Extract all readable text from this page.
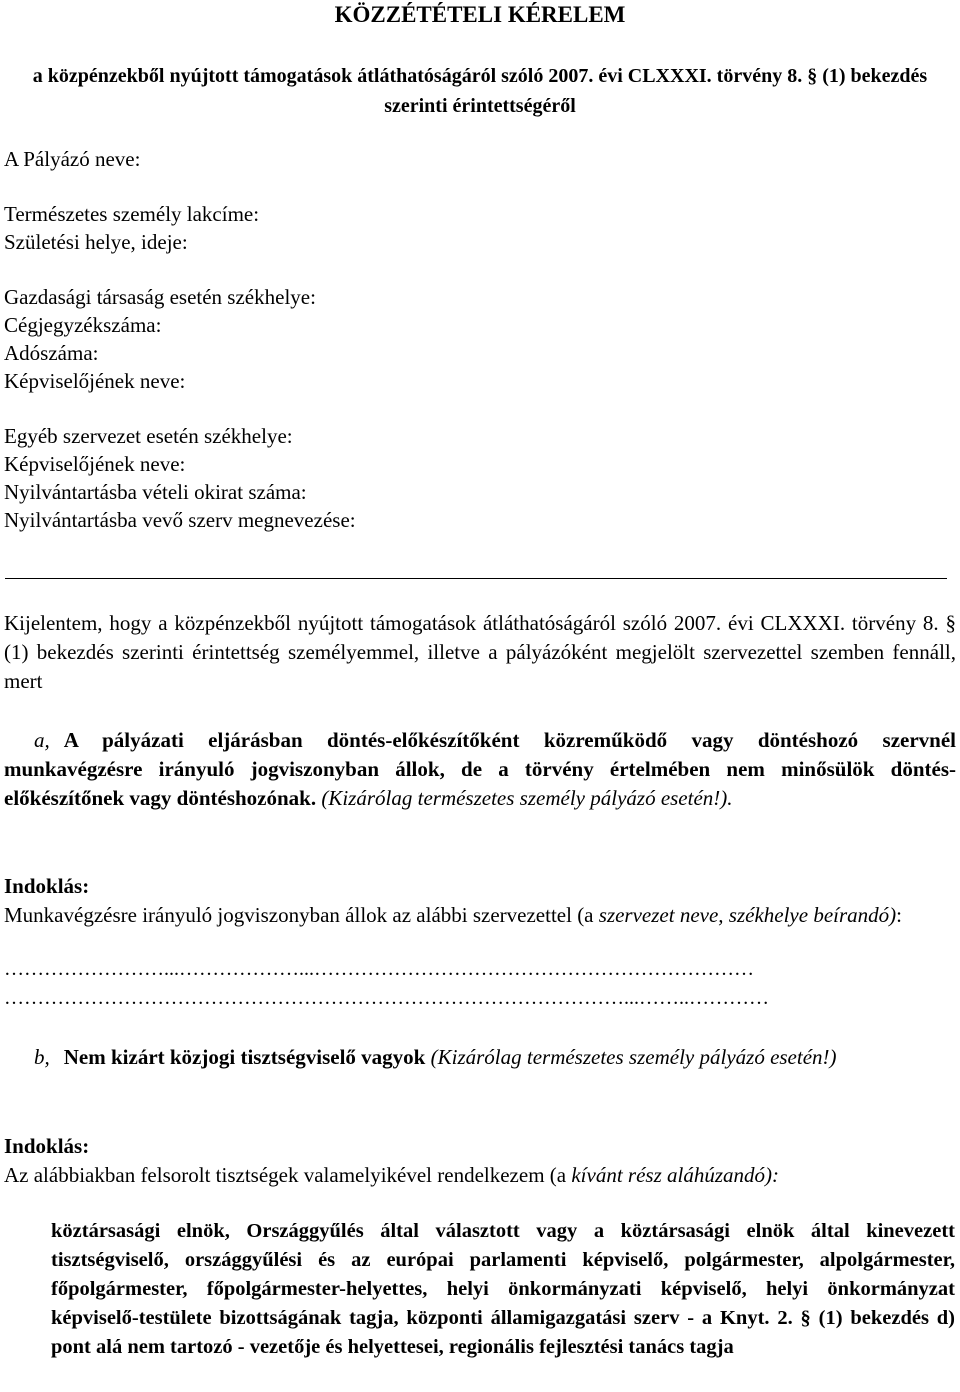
KÖZZÉTÉTELI KÉRELEM
a közpénzekből nyújtott támogatások átláthatóságáról szóló 2007. évi CLXXXI. törvény 8. § (1) bekezdés szerinti érintettségéről
A Pályázó neve:
Természetes személy lakcíme:
Születési helye, ideje:
Gazdasági társaság esetén székhelye:
Cégjegyzékszáma:
Adószáma:
Képviselőjének neve:
Egyéb szervezet esetén székhelye:
Képviselőjének neve:
Nyilvántartásba vételi okirat száma:
Nyilvántartásba vevő szerv megnevezése:
Kijelentem, hogy a közpénzekből nyújtott támogatások átláthatóságáról szóló 2007. évi CLXXXI. törvény 8. § (1) bekezdés szerinti érintettség személyemmel, illetve a pályázóként megjelölt szervezettel szemben fennáll, mert
a, A pályázati eljárásban döntés-előkészítőként közreműködő vagy döntéshozó szervnél munkavégzésre irányuló jogviszonyban állok, de a törvény értelmében nem minősülök döntés-előkészítőnek vagy döntéshozónak. (Kizárólag természetes személy pályázó esetén!).
Indoklás:
Munkavégzésre irányuló jogviszonyban állok az alábbi szervezettel (a szervezet neve, székhelye beírandó):
……………………...………………...…………………………………………………………
…………………………………………………………………………………...……..…………
b, Nem kizárt közjogi tisztségviselő vagyok (Kizárólag természetes személy pályázó esetén!)
Indoklás:
Az alábbiakban felsorolt tisztségek valamelyikével rendelkezem (a kívánt rész aláhúzandó):
köztársasági elnök, Országgyűlés által választott vagy a köztársasági elnök által kinevezett tisztségviselő, országgyűlési és az európai parlamenti képviselő, polgármester, alpolgármester, főpolgármester, főpolgármester-helyettes, helyi önkormányzati képviselő, helyi önkormányzat képviselő-testülete bizottságának tagja, központi államigazgatási szerv - a Knyt. 2. § (1) bekezdés d) pont alá nem tartozó - vezetője és helyettesei, regionális fejlesztési tanács tagja
